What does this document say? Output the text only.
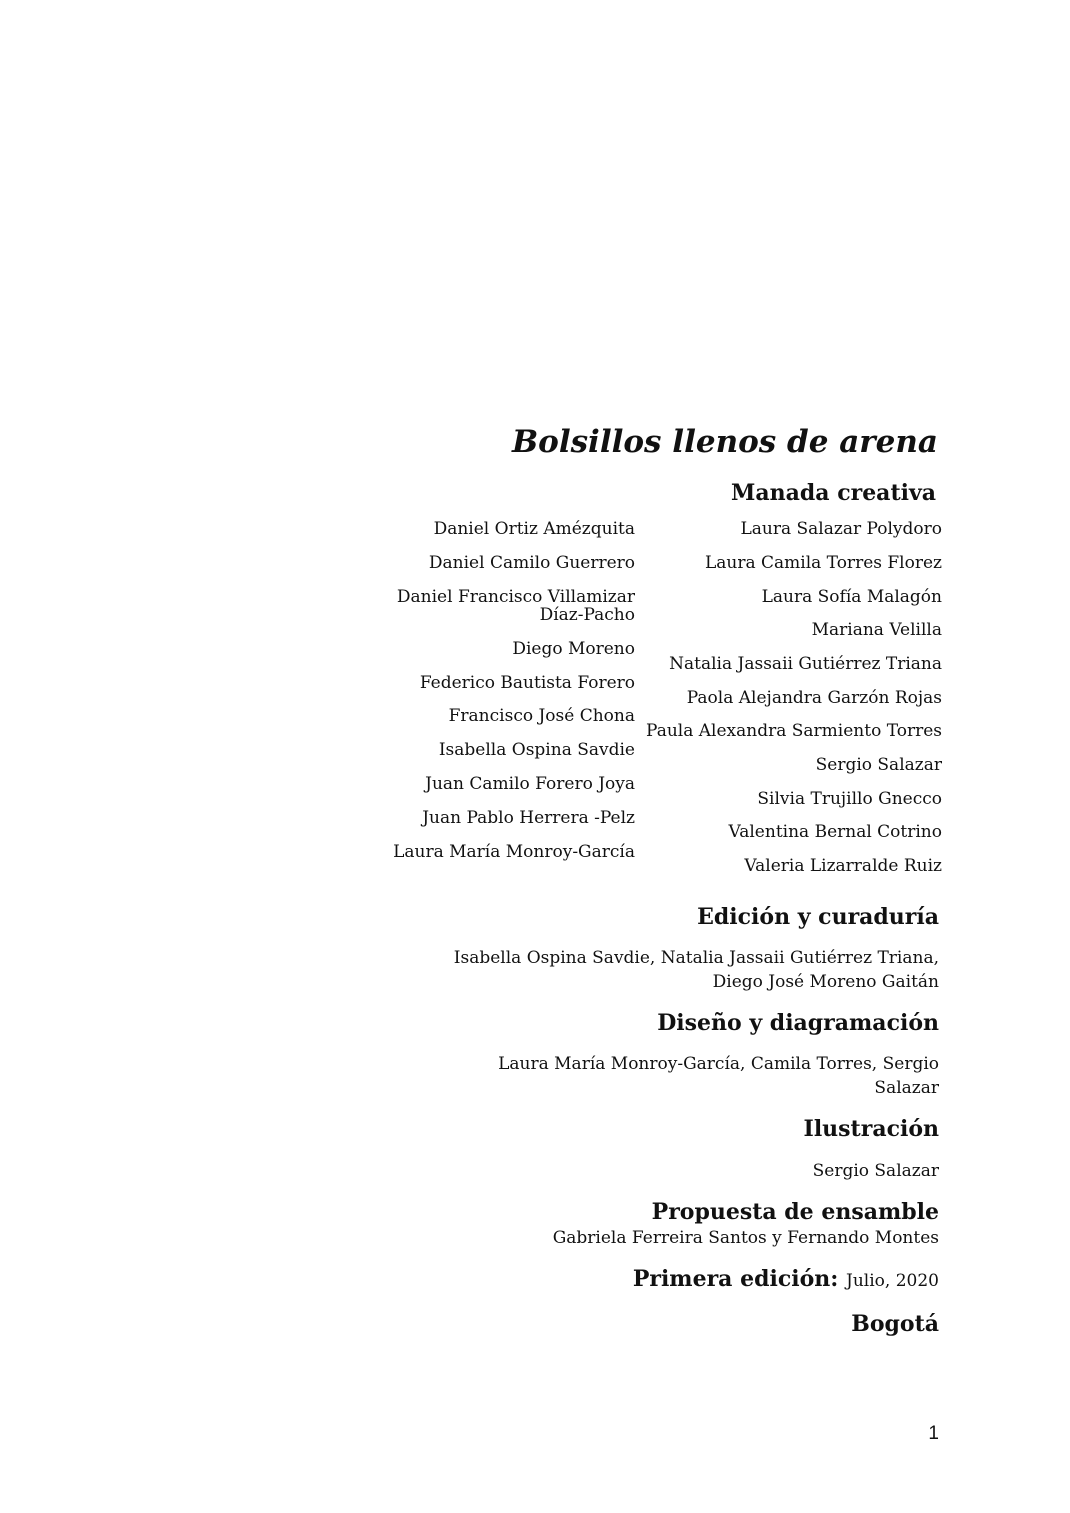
Bolsillos llenos de arena
Manada creativa
Daniel Ortiz Amézquita
Daniel Camilo Guerrero
Daniel Francisco Villamizar
Díaz-Pacho
Diego Moreno
Federico Bautista Forero
Francisco José Chona
Isabella Ospina Savdie
Juan Camilo Forero Joya
Juan Pablo Herrera -Pelz
Laura María Monroy-García
Laura Salazar Polydoro
Laura Camila Torres Florez
Laura Sofía Malagón
Mariana Velilla
Natalia Jassaii Gutiérrez Triana
Paola Alejandra Garzón Rojas
Paula Alexandra Sarmiento Torres
Sergio Salazar
Silvia Trujillo Gnecco
Valentina Bernal Cotrino
Valeria Lizarralde Ruiz
Edición y curaduría
Isabella Ospina Savdie, Natalia Jassaii Gutiérrez Triana,
Diego José Moreno Gaitán
Diseño y diagramación
Laura María Monroy-García, Camila Torres, Sergio
Salazar
Ilustración
Sergio Salazar
Propuesta de ensamble
Gabriela Ferreira Santos y Fernando Montes
Primera edición: Julio, 2020
Bogotá
1
